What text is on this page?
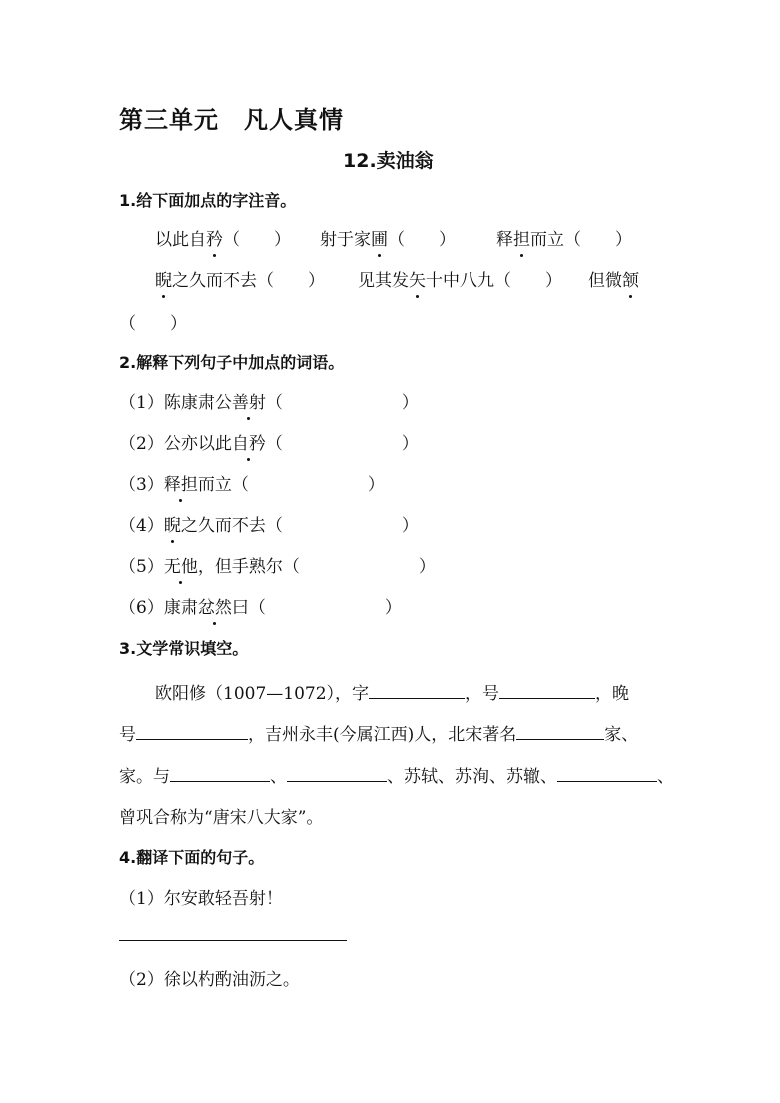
第三单元　凡人真情
12.卖油翁
1.给下面加点的字注音。
以此自矜（　　） 射于家圃（　　） 释担而立（　　）
睨之久而不去（　　） 见其发矢十中八九（　　） 但微颔
（　　）
2.解释下列句子中加点的词语。
（1）陈康肃公善射（　　　　　　　）
（2）公亦以此自矜（　　　　　　　）
（3）释担而立（　　　　　　　）
（4）睨之久而不去（　　　　　　　）
（5）无他，但手熟尔（　　　　　　　）
（6）康肃忿然曰（　　　　　　　）
3.文学常识填空。
欧阳修（1007—1072），字	，号	，晚
号	，吉州永丰(今属江西)人，北宋著名	家、
家。与	、	、苏轼、苏洵、苏辙、	、
曾巩合称为“唐宋八大家”。
4.翻译下面的句子。
（1）尔安敢轻吾射！
（2）徐以杓酌油沥之。
